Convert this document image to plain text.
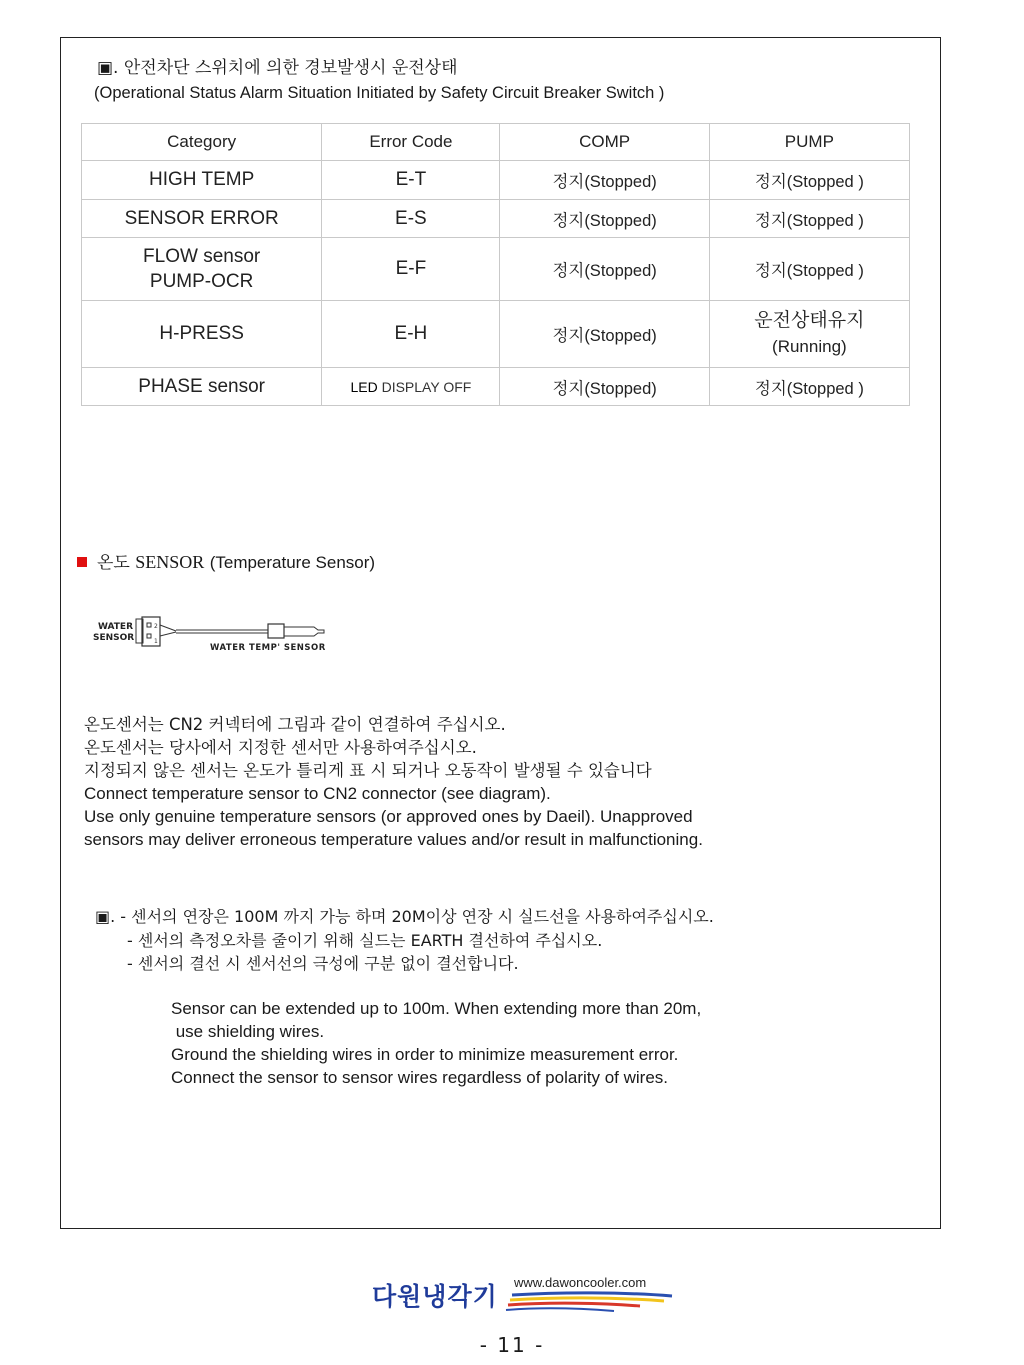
▣. 안전차단 스위치에 의한 경보발생시 운전상태
(Operational Status Alarm Situation Initiated by Safety Circuit Breaker Switch )
Category	Error Code	COMP	PUMP
HIGH TEMP	E-T	정지(Stopped)	정지(Stopped )
SENSOR ERROR	E-S	정지(Stopped)	정지(Stopped )

FLOW sensor
PUMP-OCR	E-F	정지(Stopped)	정지(Stopped )
H-PRESS	E-H	정지(Stopped)	운전상태유지
(Running)

PHASE sensor	LED DISPLAY OFF	정지(Stopped)	정지(Stopped )
온도 SENSOR (Temperature Sensor)
WATER
SENSOR
2
1
WATER TEMP' SENSOR
온도센서는 CN2 커넥터에 그림과 같이 연결하여 주십시오.
온도센서는 당사에서 지정한 센서만 사용하여주십시오.
지정되지 않은 센서는 온도가 틀리게 표 시 되거나 오동작이 발생될 수 있습니다
Connect temperature sensor to CN2 connector (see diagram).
Use only genuine temperature sensors (or approved ones by Daeil). Unapproved
sensors may deliver erroneous temperature values and/or result in malfunctioning.
▣. - 센서의 연장은 100M 까지 가능 하며 20M이상 연장 시 실드선을 사용하여주십시오.
- 센서의 측정오차를 줄이기 위해 실드는 EARTH 결선하여 주십시오.
- 센서의 결선 시 센서선의 극성에 구분 없이 결선합니다.
Sensor can be extended up to 100m. When extending more than 20m,
use shielding wires.
Ground the shielding wires in order to minimize measurement error.
Connect the sensor to sensor wires regardless of polarity of wires.
다원냉각기 www.dawoncooler.com
- 11 -
